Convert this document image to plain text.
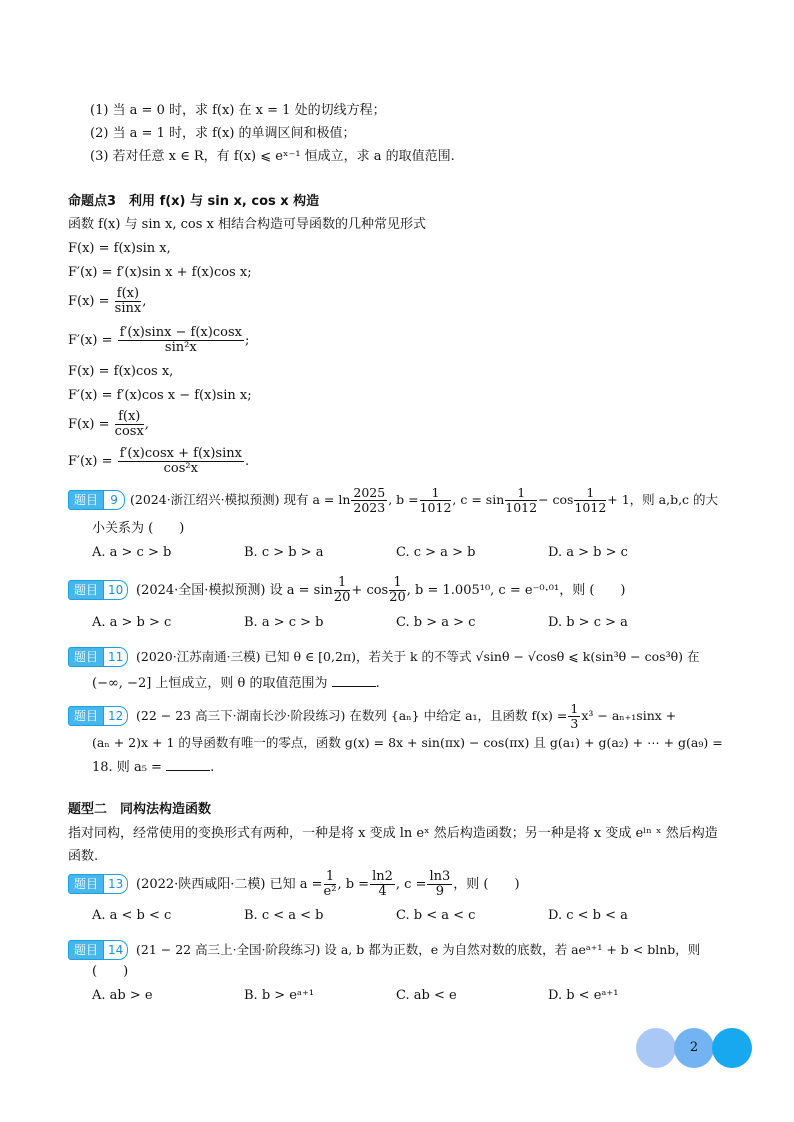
(1) 当 a = 0 时，求 f(x) 在 x = 1 处的切线方程；
(2) 当 a = 1 时，求 f(x) 的单调区间和极值；
(3) 若对任意 x ∈ R，有 f(x) ⩽ eˣ⁻¹ 恒成立，求 a 的取值范围.
命题点3　利用 f(x) 与 sin x, cos x 构造
函数 f(x) 与 sin x, cos x 相结合构造可导函数的几种常见形式
F(x) = f(x)sin x,
F′(x) = f′(x)sin x + f(x)cos x;
$F(x) = \frac{f(x)}{\sin x}$ ,
$F'(x) = \frac{f'(x)\sin x - f(x)\cos x}{\text{sin²x}}$ ;
F(x) = f(x)cos x,
F′(x) = f′(x)cos x − f(x)sin x;
$F(x) = \frac{f(x)}{\cos x}$ ,
$F'(x) = \frac{f'(x)\cos x + f(x)\sin x}{\text{cos²x}}$ .
题目	9 (2024·浙江绍兴·模拟预测) 现有 $a = \ln \frac{2025}{2023}$ , $b = \frac{1}{1012}$ , $c = \sin \frac{1}{1012} - \cos \frac{1}{1012} + 1$，则 a,b,c 的大
小关系为 (　　)
A. a > c > b	B. c > b > a	C. c > a > b	D. a > b > c
题目 10 (2024·全国·模拟预测) 设 $a = \sin \frac{1}{20} + \cos \frac{1}{20}$ , b = 1.005¹⁰, c = e⁻⁰·⁰¹，则 (　　)
A. a > b > c	B. a > c > b	C. b > a > c	D. b > c > a
题目 11	(2020·江苏南通·三模) 已知 θ ∈ [0,2π)，若关于 k 的不等式 √sinθ − √cosθ ⩽ k(sin³θ − cos³θ) 在
(−∞, −2] 上恒成立，则 θ 的取值范围为	.
题目 12	(22 − 23 高三下·湖南长沙·阶段练习) 在数列 {aₙ} 中给定 a₁，且函数 $f(x) = \frac{1}{3} x^3 - a_{n+1}\sin x$ +
(aₙ + 2)x + 1 的导函数有唯一的零点，函数 g(x) = 8x + sin(πx) − cos(πx) 且 g(a₁) + g(a₂) + ⋯ + g(a₉) =
18. 则 a₅ =	.
题型二　同构法构造函数
指对同构，经常使用的变换形式有两种，一种是将 x 变成 ln eˣ 然后构造函数；另一种是将 x 变成 eˡⁿ ˣ 然后构造
函数.
题目 13 (2022·陕西咸阳·二模) 已知 $a = \frac{1}{\text{e²}}$ , $b = \frac{\ln 2}{4}$ , $c = \frac{\ln 3}{9}$ ，则 (　　)
A. a < b < c	B. c < a < b	C. b < a < c	D. c < b < a
题目 14	(21 − 22 高三上·全国·阶段练习) 设 a, b 都为正数，e 为自然对数的底数，若 aeᵃ⁺¹ + b < blnb，则
(　　)
A. ab > e	B. b > eᵃ⁺¹	C. ab < e	D. b < eᵃ⁺¹
2
